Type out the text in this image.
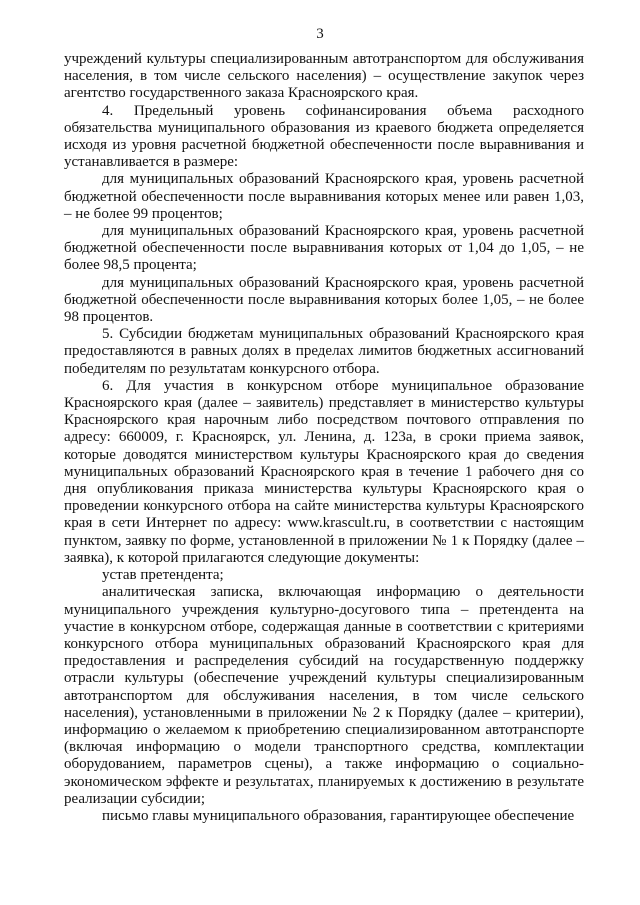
3

учреждений культуры специализированным автотранспортом для обслуживания населения, в том числе сельского населения) – осуществление закупок через агентство государственного заказа Красноярского края.

4. Предельный уровень софинансирования объема расходного обязательства муниципального образования из краевого бюджета определяется исходя из уровня расчетной бюджетной обеспеченности после выравнивания и устанавливается в размере:

для муниципальных образований Красноярского края, уровень расчетной бюджетной обеспеченности после выравнивания которых менее или равен 1,03, – не более 99 процентов;

для муниципальных образований Красноярского края, уровень расчетной бюджетной обеспеченности после выравнивания которых от 1,04 до 1,05, – не более 98,5 процента;

для муниципальных образований Красноярского края, уровень расчетной бюджетной обеспеченности после выравнивания которых более 1,05, – не более 98 процентов.

5. Субсидии бюджетам муниципальных образований Красноярского края предоставляются в равных долях в пределах лимитов бюджетных ассигнований победителям по результатам конкурсного отбора.

6. Для участия в конкурсном отборе муниципальное образование Красноярского края (далее – заявитель) представляет в министерство культуры Красноярского края нарочным либо посредством почтового отправления по адресу: 660009, г. Красноярск, ул. Ленина, д. 123а, в сроки приема заявок, которые доводятся министерством культуры Красноярского края до сведения муниципальных образований Красноярского края в течение 1 рабочего дня со дня опубликования приказа министерства культуры Красноярского края о проведении конкурсного отбора на сайте министерства культуры Красноярского края в сети Интернет по адресу: www.krascult.ru, в соответствии с настоящим пунктом, заявку по форме, установленной в приложении № 1 к Порядку (далее – заявка), к которой прилагаются следующие документы:

устав претендента;

аналитическая записка, включающая информацию о деятельности муниципального учреждения культурно-досугового типа – претендента на участие в конкурсном отборе, содержащая данные в соответствии с критериями конкурсного отбора муниципальных образований Красноярского края для предоставления и распределения субсидий на государственную поддержку отрасли культуры (обеспечение учреждений культуры специализированным автотранспортом для обслуживания населения, в том числе сельского населения), установленными в приложении № 2 к Порядку (далее – критерии), информацию о желаемом к приобретению специализированном автотранспорте (включая информацию о модели транспортного средства, комплектации оборудованием, параметров сцены), а также информацию о социально-экономическом эффекте и результатах, планируемых к достижению в результате реализации субсидии;

письмо главы муниципального образования, гарантирующее обеспечение
